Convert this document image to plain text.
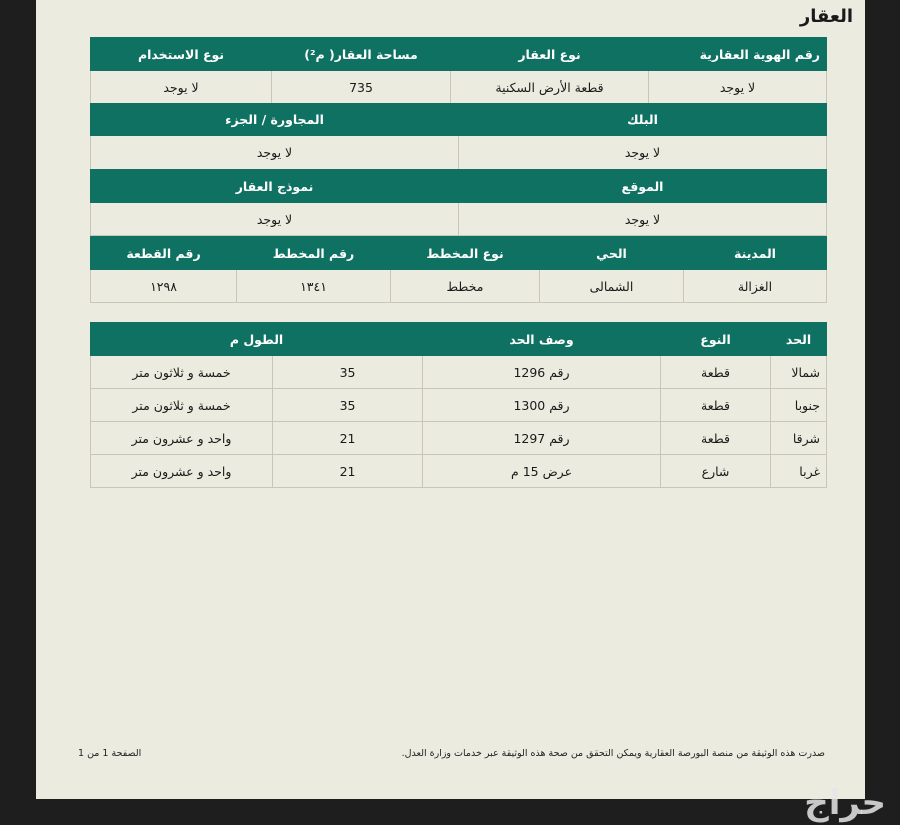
العقار
رقم الهوية العقارية	نوع العقار	مساحة العقار( م²)	نوع الاستخدام
لا يوجد	قطعة الأرض السكنية	735	لا يوجد
البلك	المجاورة / الجزء
لا يوجد	لا يوجد
الموقع	نموذج العقار
لا يوجد	لا يوجد
المدينة	الحي	نوع المخطط	رقم المخطط	رقم القطعة
الغزالة	الشمالى	مخطط	١٣٤١	١٢٩٨
الحد	النوع	وصف الحد	الطول م	
شمالا	قطعة	رقم 1296	35	خمسة و ثلاثون متر
جنوبا	قطعة	رقم 1300	35	خمسة و ثلاثون متر
شرقا	قطعة	رقم 1297	21	واحد و عشرون متر
غربا	شارع	عرض 15 م	21	واحد و عشرون متر
صدرت هذه الوثيقة من منصة البورصة العقارية ويمكن التحقق من صحة هذه الوثيقة عبر خدمات وزارة العدل.
الصفحة 1 من 1
حراج
